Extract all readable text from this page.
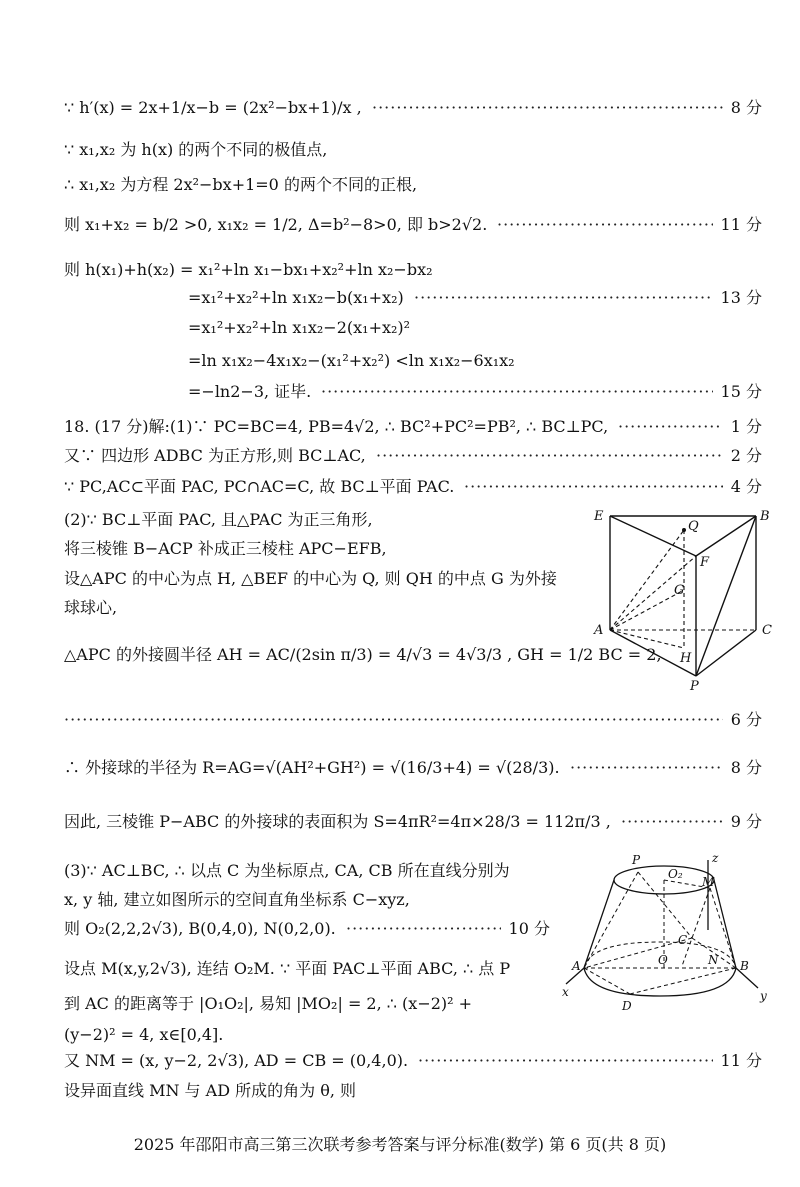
∵ h′(x) = 2x+1/x−b = (2x²−bx+1)/x ,	8 分
·····
∵ x₁,x₂ 为 h(x) 的两个不同的极值点,
∴ x₁,x₂ 为方程 2x²−bx+1=0 的两个不同的正根,
则 x₁+x₂ = b/2 >0, x₁x₂ = 1/2, Δ=b²−8>0, 即 b>2√2.	11 分
·····
则 h(x₁)+h(x₂) = x₁²+ln x₁−bx₁+x₂²+ln x₂−bx₂
=x₁²+x₂²+ln x₁x₂−b(x₁+x₂)	13 分
·····
=x₁²+x₂²+ln x₁x₂−2(x₁+x₂)²
=ln x₁x₂−4x₁x₂−(x₁²+x₂²) <ln x₁x₂−6x₁x₂
=−ln2−3, 证毕.	15 分
·····
18. (17 分)解:(1)∵ PC=BC=4, PB=4√2, ∴ BC²+PC²=PB², ∴ BC⊥PC,	1 分
·····
又∵ 四边形 ADBC 为正方形,则 BC⊥AC,	2 分
·····
∵ PC,AC⊂平面 PAC, PC∩AC=C, 故 BC⊥平面 PAC.	4 分
·····
(2)∵ BC⊥平面 PAC, 且△PAC 为正三角形,
将三棱锥 B−ACP 补成正三棱柱 APC−EFB,
设△APC 的中心为点 H, △BEF 的中心为 Q, 则 QH 的中点 G 为外接
球球心,
△APC 的外接圆半径 AH = AC/(2sin π/3) = 4/√3 = 4√3/3 , GH = 1/2 BC = 2,
6 分
·····
∴ 外接球的半径为 R=AG=√(AH²+GH²) = √(16/3+4) = √(28/3).	8 分
·····
因此, 三棱锥 P−ABC 的外接球的表面积为 S=4πR²=4π×28/3 = 112π/3 ,	9 分
·····
(3)∵ AC⊥BC, ∴ 以点 C 为坐标原点, CA, CB 所在直线分别为
x, y 轴, 建立如图所示的空间直角坐标系 C−xyz,
则 O₂(2,2,2√3), B(0,4,0), N(0,2,0).	10 分
·····
设点 M(x,y,2√3), 连结 O₂M. ∵ 平面 PAC⊥平面 ABC, ∴ 点 P
到 AC 的距离等于 |O₁O₂|, 易知 |MO₂| = 2, ∴ (x−2)² +
(y−2)² = 4, x∈[0,4].
又 NM = (x, y−2, 2√3), AD = CB = (0,4,0).	11 分
·····
设异面直线 MN 与 AD 所成的角为 θ, 则
E
Q
B
F
G
A	C
H
P
P	z
O₂
M
C
A	O	N B
x
D
y
2025 年邵阳市高三第三次联考参考答案与评分标准(数学) 第 6 页(共 8 页)
